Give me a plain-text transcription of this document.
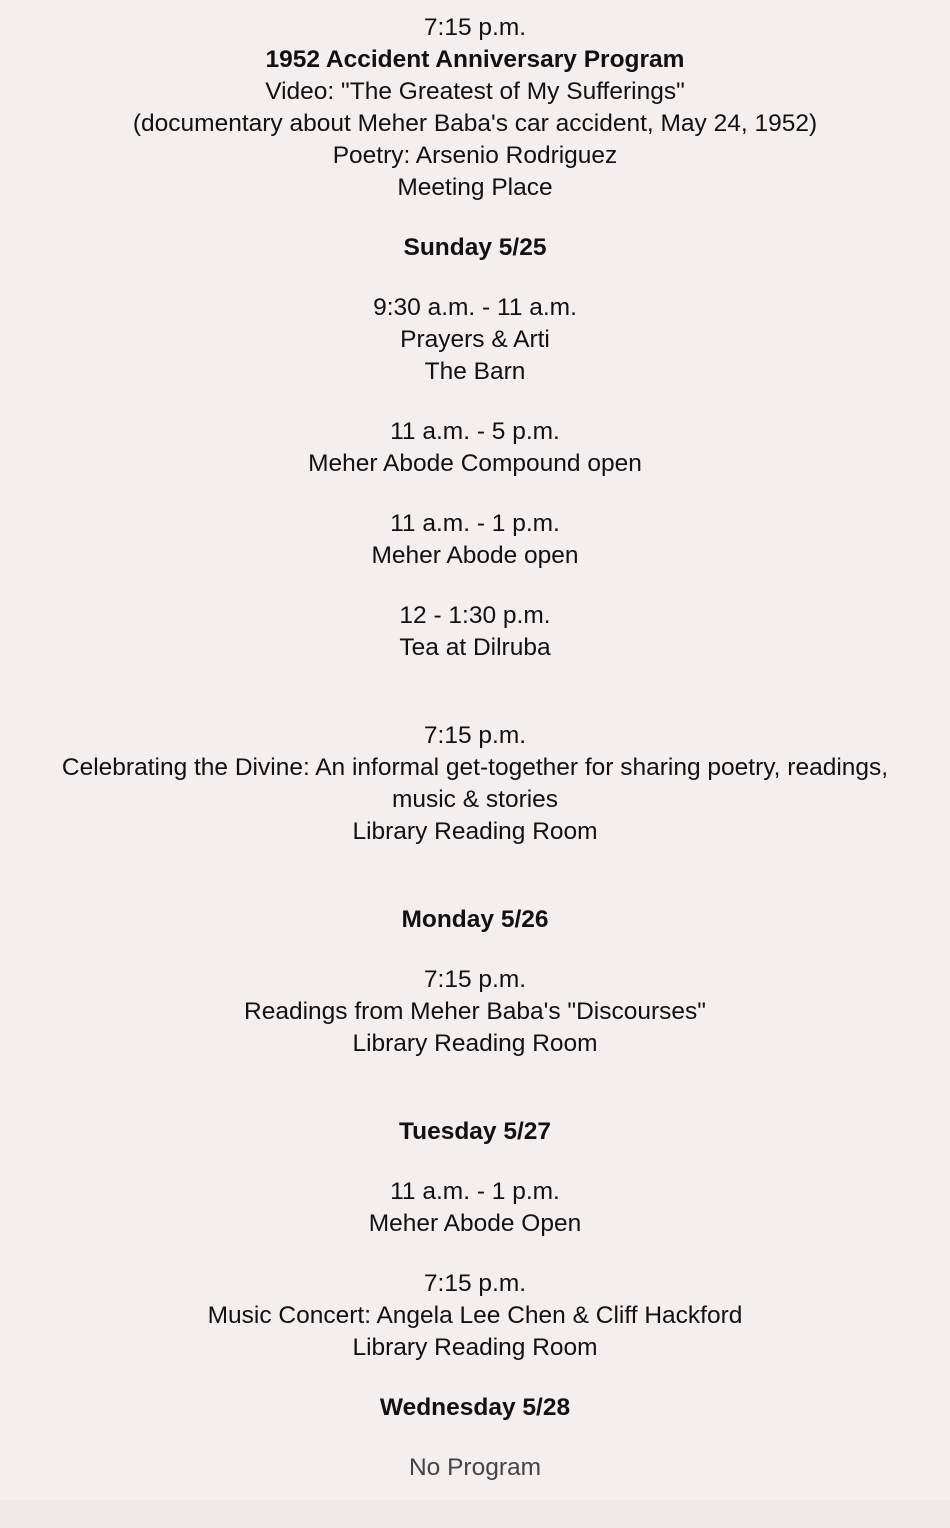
7:15 p.m.
1952 Accident Anniversary Program
Video: "The Greatest of My Sufferings"
(documentary about Meher Baba's car accident, May 24, 1952)
Poetry: Arsenio Rodriguez
Meeting Place
Sunday 5/25
9:30 a.m. - 11 a.m.
Prayers & Arti
The Barn
11 a.m. - 5 p.m.
Meher Abode Compound open
11 a.m. - 1 p.m.
Meher Abode open
12 - 1:30 p.m.
Tea at Dilruba
7:15 p.m.
Celebrating the Divine: An informal get-together for sharing poetry, readings, music & stories
Library Reading Room
Monday 5/26
7:15 p.m.
Readings from Meher Baba's "Discourses"
Library Reading Room
Tuesday 5/27
11 a.m. - 1 p.m.
Meher Abode Open
7:15 p.m.
Music Concert: Angela Lee Chen & Cliff Hackford
Library Reading Room
Wednesday 5/28
No Program
